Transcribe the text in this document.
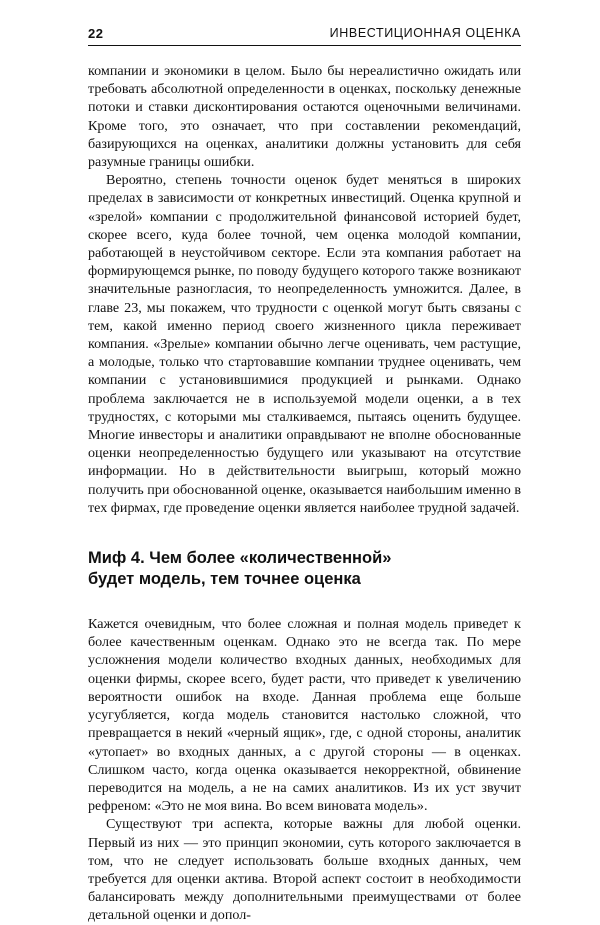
22	ИНВЕСТИЦИОННАЯ ОЦЕНКА

компании и экономики в целом. Было бы нереалистично ожидать или требовать абсолютной определенности в оценках, поскольку денежные потоки и ставки дисконтирования остаются оценочными величинами. Кроме того, это означает, что при составлении рекомендаций, базирующихся на оценках, аналитики должны установить для себя разумные границы ошибки.

Вероятно, степень точности оценок будет меняться в широких пределах в зависимости от конкретных инвестиций. Оценка крупной и «зрелой» компании с продолжительной финансовой историей будет, скорее всего, куда более точной, чем оценка молодой компании, работающей в неустойчивом секторе. Если эта компания работает на формирующемся рынке, по поводу будущего которого также возникают значительные разногласия, то неопределенность умножится. Далее, в главе 23, мы покажем, что трудности с оценкой могут быть связаны с тем, какой именно период своего жизненного цикла переживает компания. «Зрелые» компании обычно легче оценивать, чем растущие, а молодые, только что стартовавшие компании труднее оценивать, чем компании с установившимися продукцией и рынками. Однако проблема заключается не в используемой модели оценки, а в тех трудностях, с которыми мы сталкиваемся, пытаясь оценить будущее. Многие инвесторы и аналитики оправдывают не вполне обоснованные оценки неопределенностью будущего или указывают на отсутствие информации. Но в действительности выигрыш, который можно получить при обоснованной оценке, оказывается наибольшим именно в тех фирмах, где проведение оценки является наиболее трудной задачей.

Миф 4. Чем более «количественной»
будет модель, тем точнее оценка

Кажется очевидным, что более сложная и полная модель приведет к более качественным оценкам. Однако это не всегда так. По мере усложнения модели количество входных данных, необходимых для оценки фирмы, скорее всего, будет расти, что приведет к увеличению вероятности ошибок на входе. Данная проблема еще больше усугубляется, когда модель становится настолько сложной, что превращается в некий «черный ящик», где, с одной стороны, аналитик «утопает» во входных данных, а с другой стороны — в оценках. Слишком часто, когда оценка оказывается некорректной, обвинение переводится на модель, а не на самих аналитиков. Из их уст звучит рефреном: «Это не моя вина. Во всем виновата модель».

Существуют три аспекта, которые важны для любой оценки. Первый из них — это принцип экономии, суть которого заключается в том, что не следует использовать больше входных данных, чем требуется для оценки актива. Второй аспект состоит в необходимости балансировать между дополнительными преимуществами от более детальной оценки и допол-
